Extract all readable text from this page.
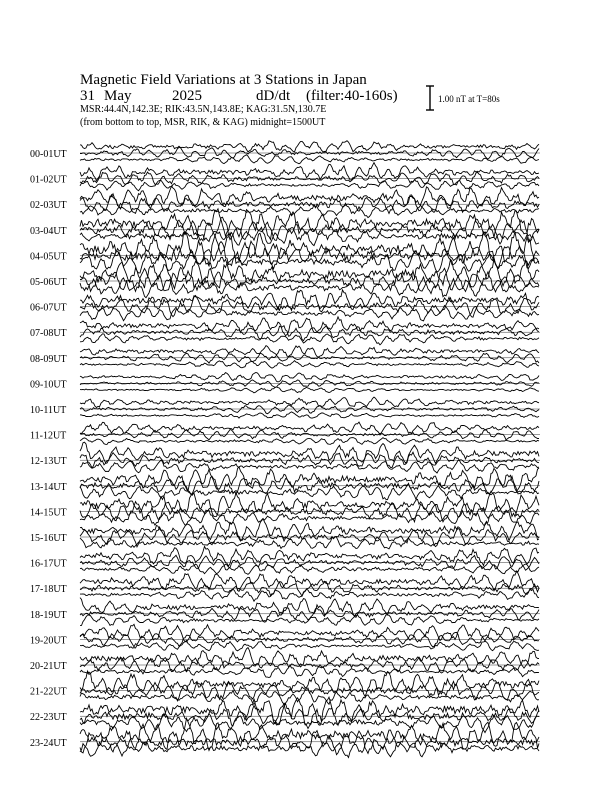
Magnetic Field Variations at 3 Stations in Japan
31 May	2025	dD/dt (filter:40-160s)
MSR:44.4N,142.3E; RIK:43.5N,143.8E; KAG:31.5N,130.7E
(from bottom to top, MSR, RIK, & KAG) midnight=1500UT
1.00 nT at T=80s
00-01UT
01-02UT
02-03UT
03-04UT
04-05UT
05-06UT
06-07UT
07-08UT
08-09UT
09-10UT
10-11UT
11-12UT
12-13UT
13-14UT
14-15UT
15-16UT
16-17UT
17-18UT
18-19UT
19-20UT
20-21UT
21-22UT
22-23UT
23-24UT
